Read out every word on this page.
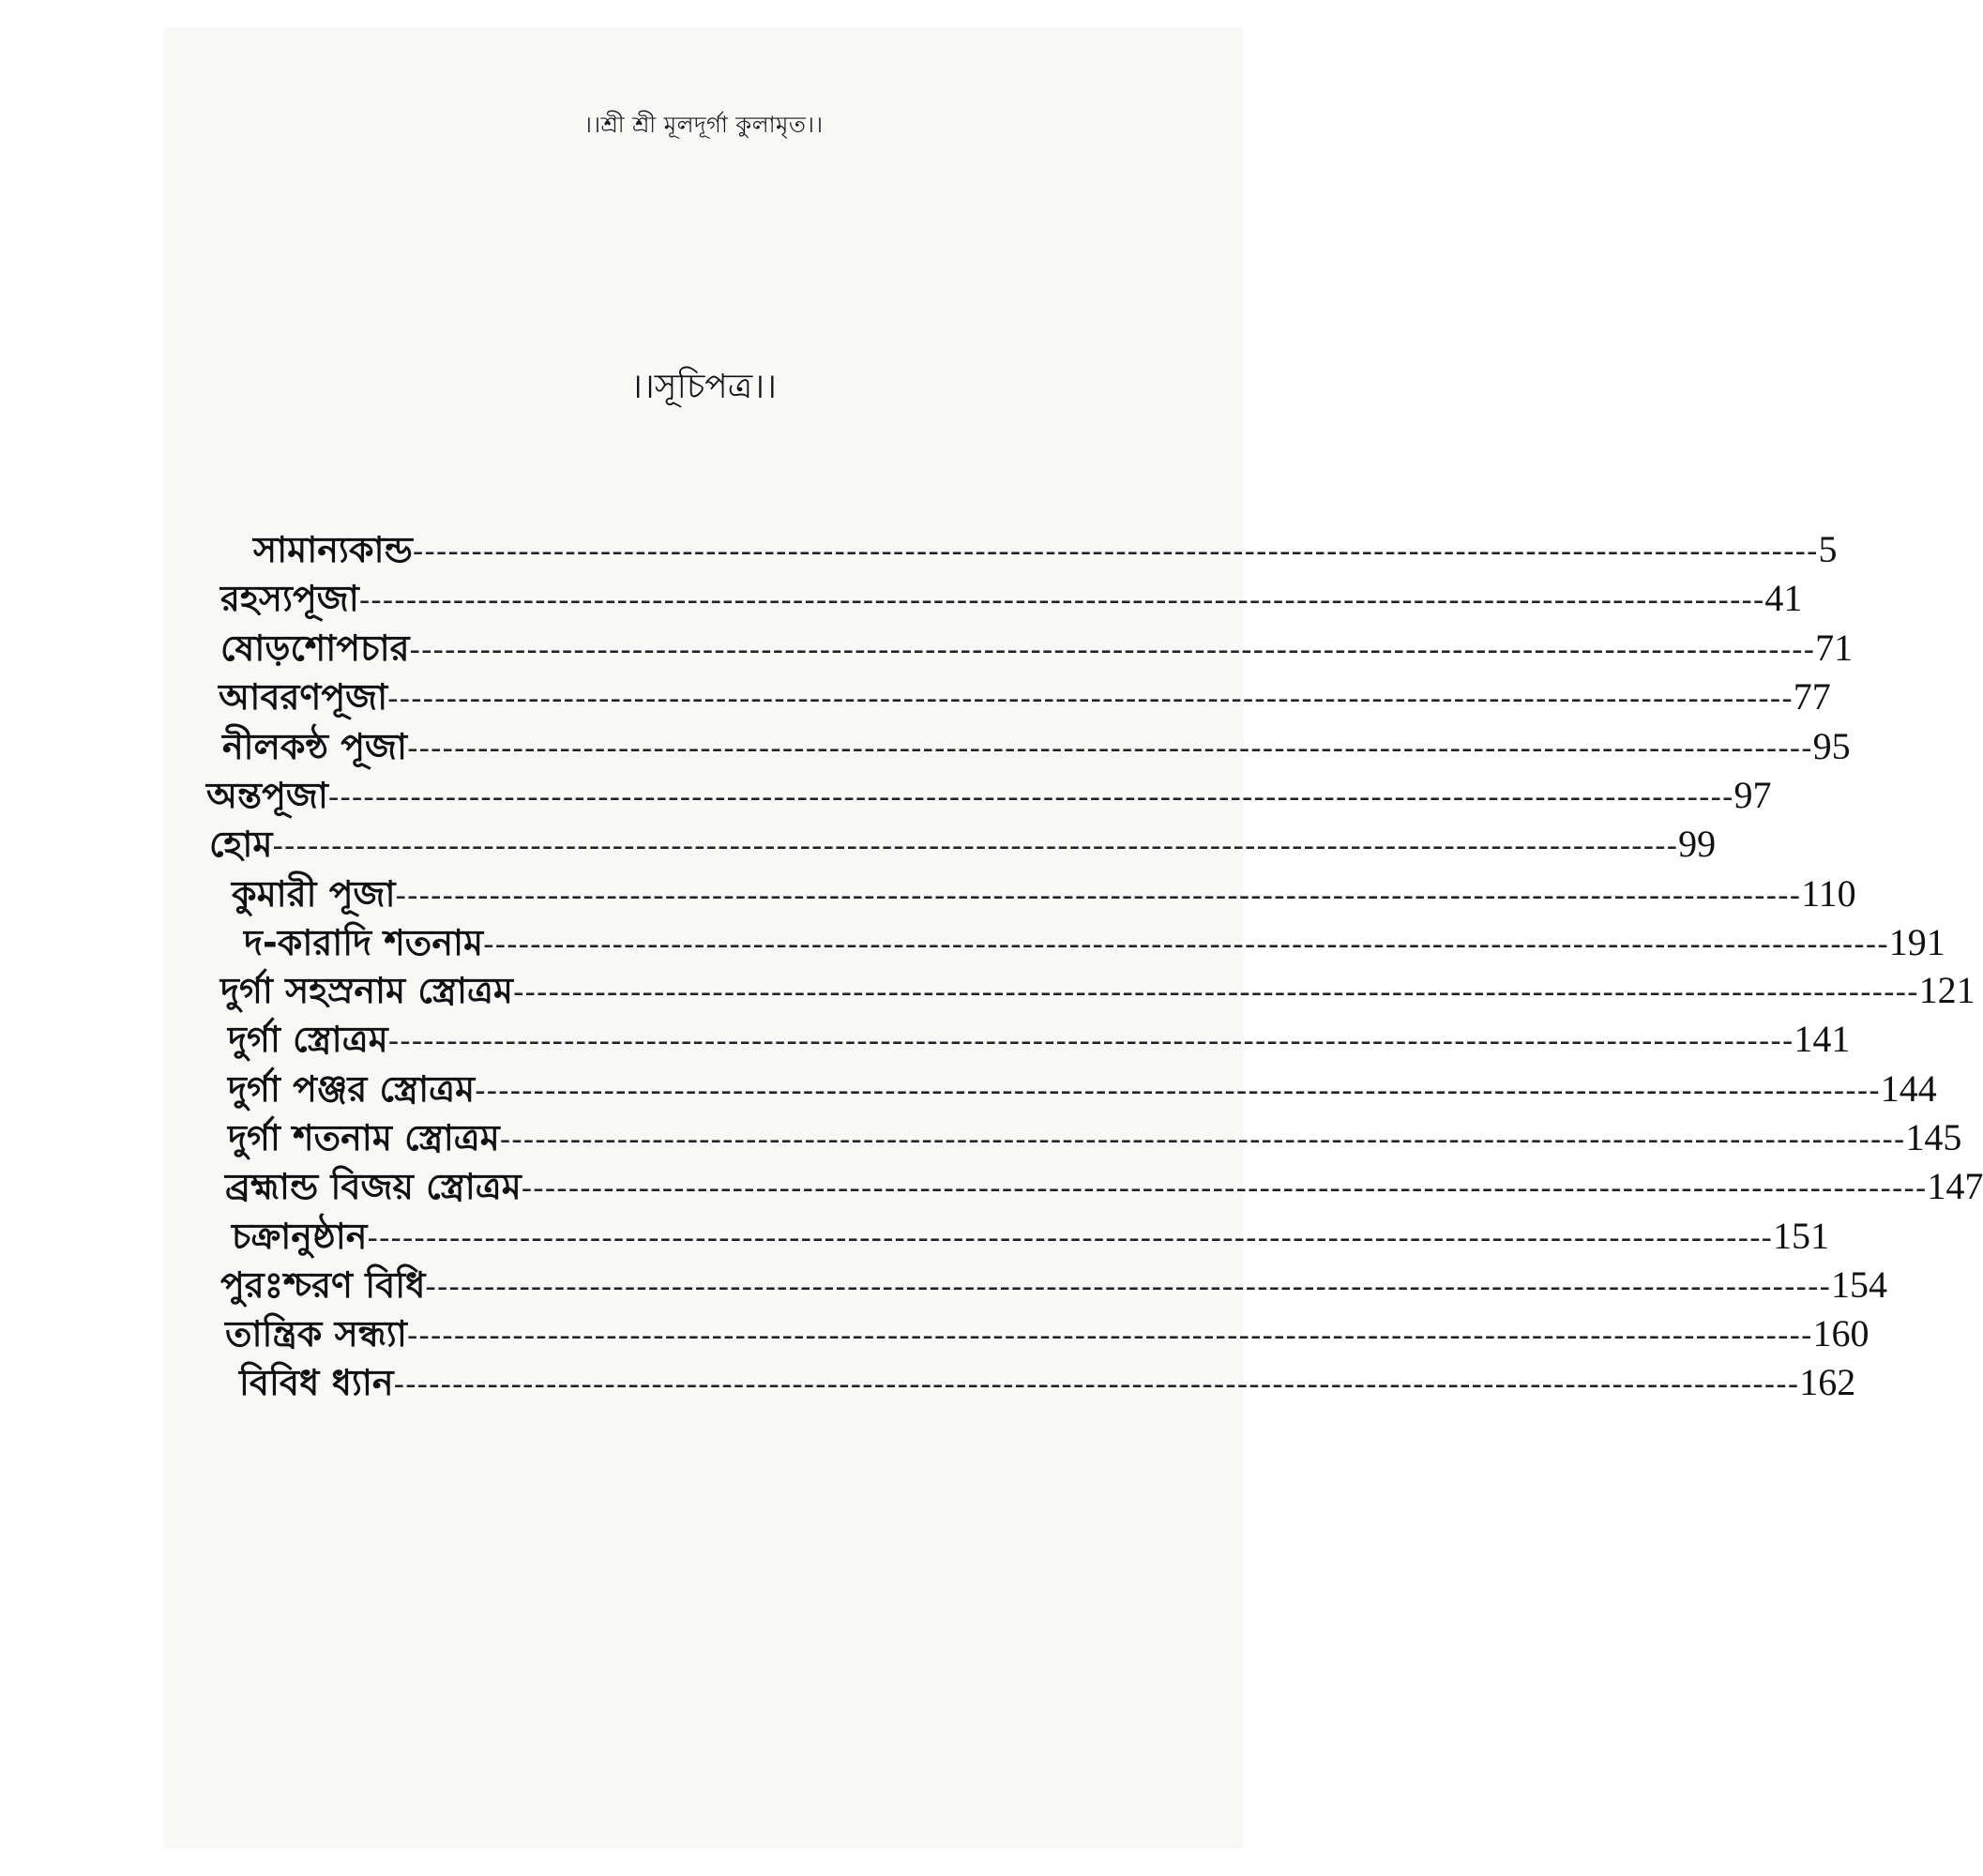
।।শ্রী শ্রী মূলদূর্গা কুলামৃত।।
।।সূচিপত্র।।
সামান্যকান্ড ------------------------------------------------------------------------------------------------------------------------ 5
রহস্যপূজা ------------------------------------------------------------------------------------------------------------------------ 41
ষোড়শোপচার ------------------------------------------------------------------------------------------------------------------------ 71
আবরণপূজা ------------------------------------------------------------------------------------------------------------------------ 77
নীলকন্ঠ পূজা ------------------------------------------------------------------------------------------------------------------------ 95
অন্তপূজা ------------------------------------------------------------------------------------------------------------------------ 97
হোম ------------------------------------------------------------------------------------------------------------------------ 99
কুমারী পূজা ------------------------------------------------------------------------------------------------------------------------ 110
দ-কারাদি শতনাম ------------------------------------------------------------------------------------------------------------------------ 191
দুর্গা সহস্রনাম স্ত্রোত্রম ------------------------------------------------------------------------------------------------------------------------ 121
দুর্গা স্ত্রোত্রম ------------------------------------------------------------------------------------------------------------------------ 141
দুর্গা পঞ্জর স্ত্রোত্রম ------------------------------------------------------------------------------------------------------------------------ 144
দুর্গা শতনাম স্ত্রোত্রম ------------------------------------------------------------------------------------------------------------------------ 145
ব্রহ্মান্ড বিজয় স্ত্রোত্রম ------------------------------------------------------------------------------------------------------------------------ 147
চক্রানুষ্ঠান ------------------------------------------------------------------------------------------------------------------------ 151
পুরঃশ্চরণ বিধি ------------------------------------------------------------------------------------------------------------------------ 154
তান্ত্রিক সন্ধ্যা ------------------------------------------------------------------------------------------------------------------------ 160
বিবিধ ধ্যান ------------------------------------------------------------------------------------------------------------------------ 162
